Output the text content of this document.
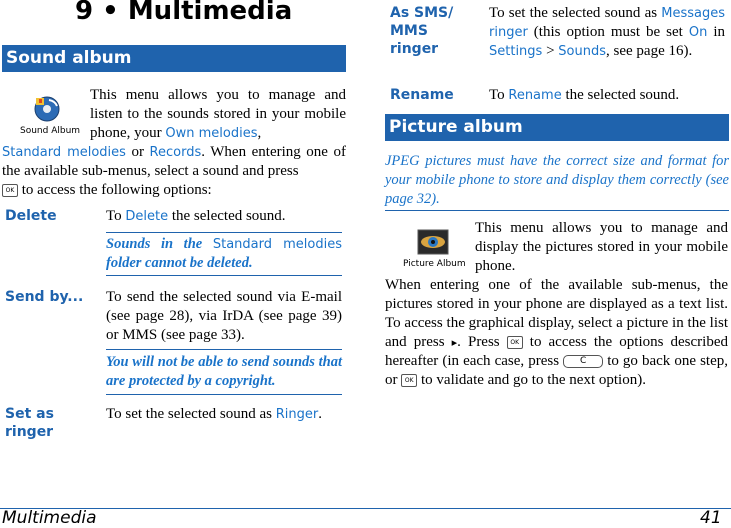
9 • Multimedia
Sound album
Sound Album
This menu allows you to manage and listen to the sounds stored in your mobile phone, your Own melodies,
Standard melodies or Records. When entering one of the available sub-menus, select a sound and press
OK to access the following options:
Delete	To Delete the selected sound.
Sounds in the Standard melodies folder cannot be deleted.
Send by... To send the selected sound via E-mail (see page 28), via IrDA (see page 39) or MMS (see page 33).
You will not be able to send sounds that are protected by a copyright.
Set as ringer
To set the selected sound as Ringer.
As SMS/ MMS ringer
To set the selected sound as Messages ringer (this option must be set On in Settings > Sounds, see page 16).
Rename To Rename the selected sound.
Picture album
JPEG pictures must have the correct size and format for your mobile phone to store and display them correctly (see page 32).
Picture Album
This menu allows you to manage and display the pictures stored in your mobile phone.
When entering one of the available sub-menus, the pictures stored in your phone are displayed as a text list. To access the graphical display, select a picture in the list and press ▸. Press OK to access the options described hereafter (in each case, press C to go back one step, or OK to validate and go to the next option).
Multimedia	41
